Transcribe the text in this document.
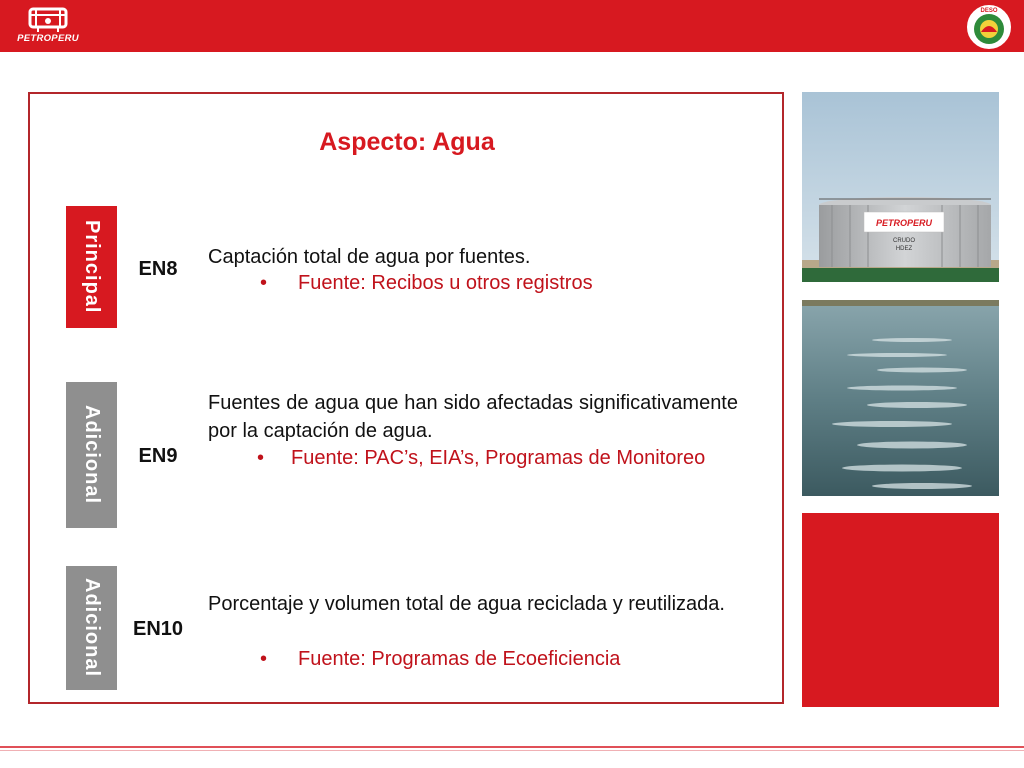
PETROPERU
DESO
Aspecto: Agua
Principal	EN8
Captación total de agua por fuentes.
• Fuente: Recibos u otros registros
Adicional	EN9
Fuentes de agua que han sido afectadas significativamente por la captación de agua.
• Fuente: PAC’s, EIA’s, Programas de Monitoreo
Adicional EN10
Porcentaje y volumen total de agua reciclada y reutilizada.
• Fuente: Programas de Ecoeficiencia
PETROPERU
CRUDO
HDEZ
